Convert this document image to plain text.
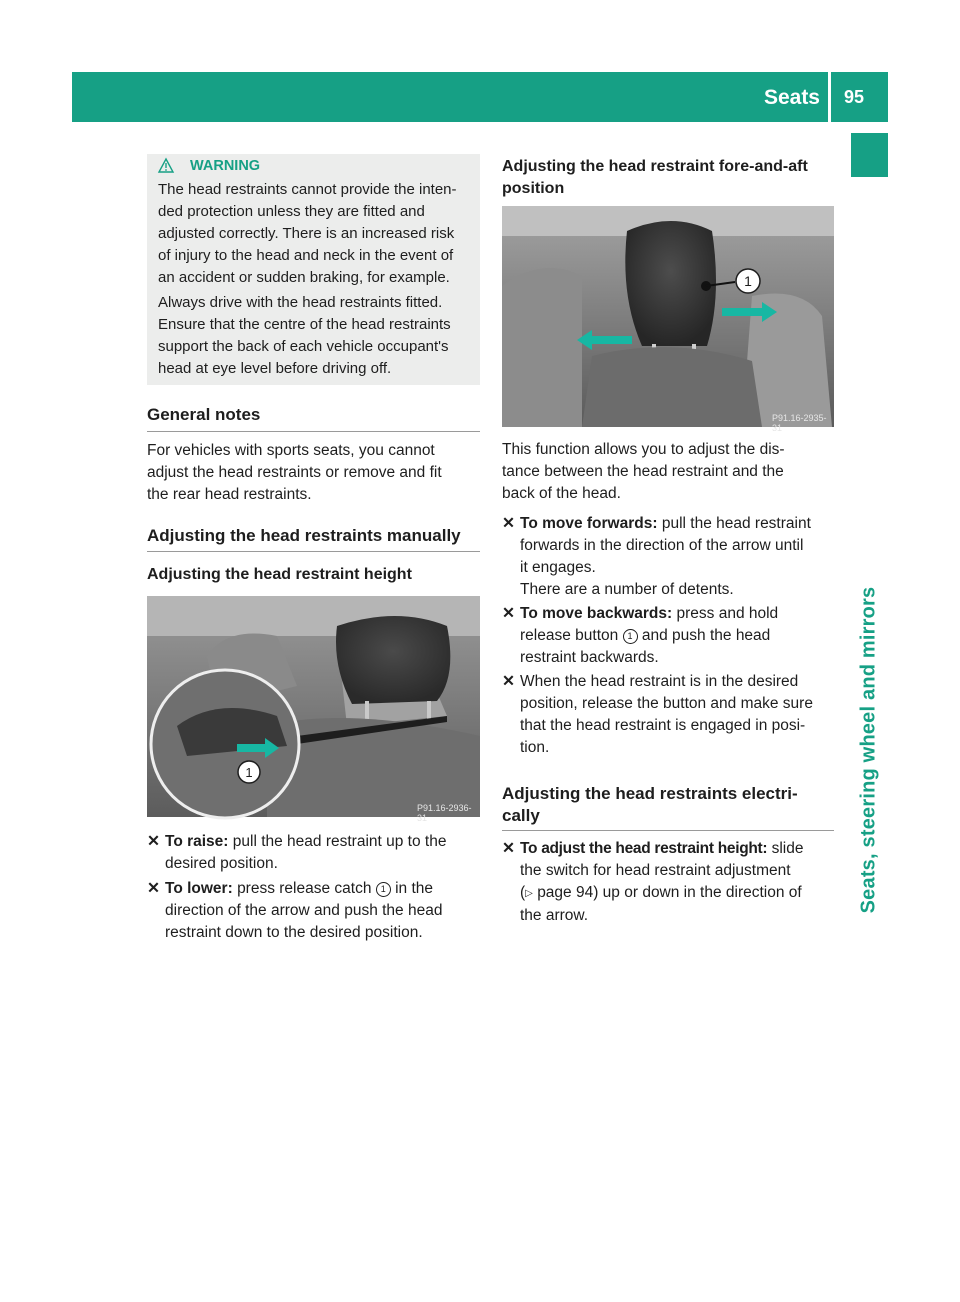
Seats 95
Seats, steering wheel and mirrors
WARNING
The head restraints cannot provide the inten-
ded protection unless they are fitted and
adjusted correctly. There is an increased risk
of injury to the head and neck in the event of
an accident or sudden braking, for example.
Always drive with the head restraints fitted.
Ensure that the centre of the head restraints
support the back of each vehicle occupant's
head at eye level before driving off.
General notes

For vehicles with sports seats, you cannot
adjust the head restraints or remove and fit
the rear head restraints.

Adjusting the head restraints manually
Adjusting the head restraint height
1
P91.16-2936-31
✕ To raise: pull the head restraint up to the
desired position.
✕ To lower: press release catch 1 in the
direction of the arrow and push the head
restraint down to the desired position.
Adjusting the head restraint fore-and-aft
position
1
P91.16-2935-31

This function allows you to adjust the dis-
tance between the head restraint and the
back of the head.

✕ To move forwards: pull the head restraint
forwards in the direction of the arrow until
it engages.
There are a number of detents.
✕ To move backwards: press and hold
release button 1 and push the head
restraint backwards.
✕ When the head restraint is in the desired
position, release the button and make sure
that the head restraint is engaged in posi-
tion.
Adjusting the head restraints electri-
cally
✕ To adjust the head restraint height: slide
the switch for head restraint adjustment
(▷ page 94) up or down in the direction of
the arrow.
